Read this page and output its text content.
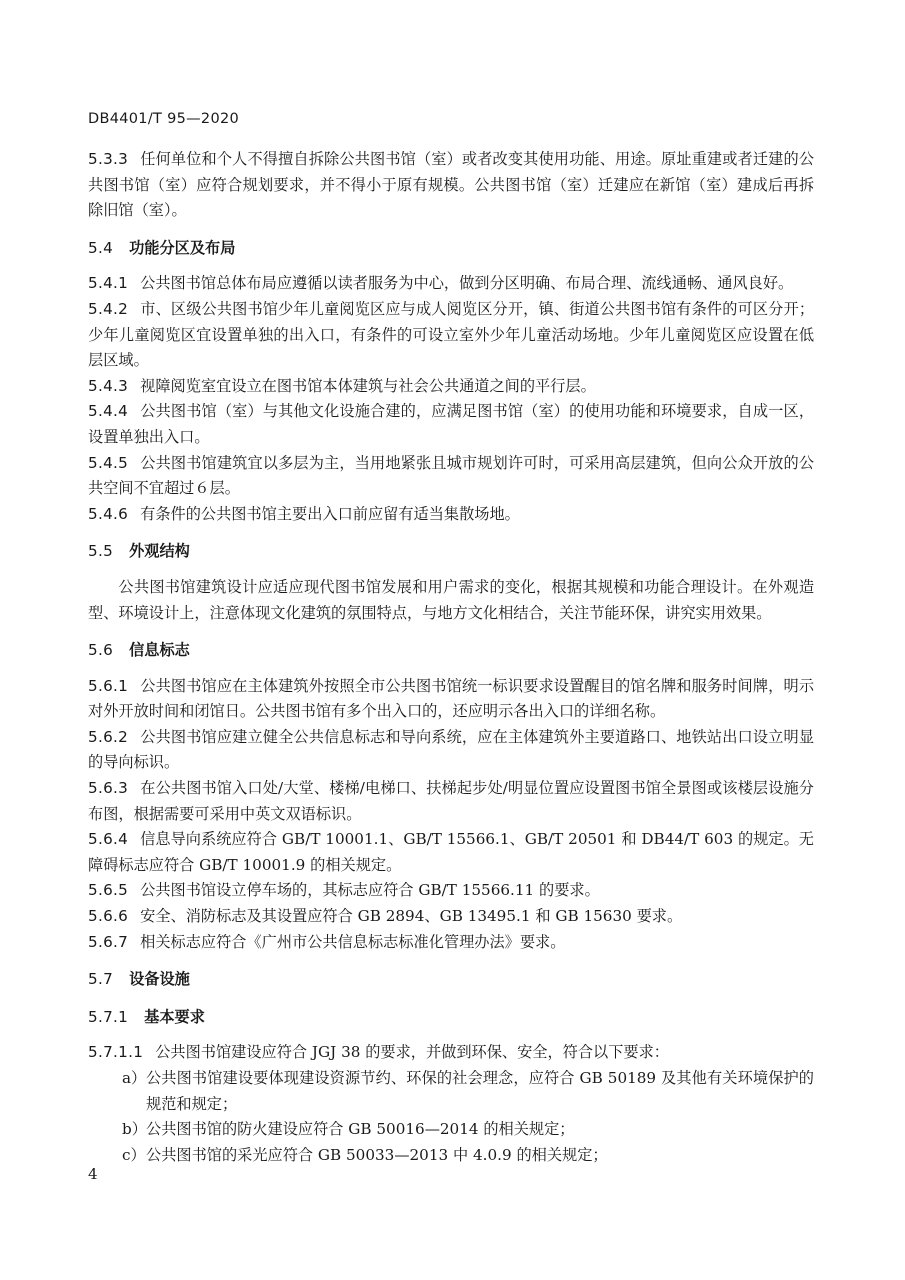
DB4401/T 95—2020

5.3.3 任何单位和个人不得擅自拆除公共图书馆（室）或者改变其使用功能、用途。原址重建或者迁建的公共图书馆（室）应符合规划要求，并不得小于原有规模。公共图书馆（室）迁建应在新馆（室）建成后再拆除旧馆（室）。

5.4 功能分区及布局

5.4.1 公共图书馆总体布局应遵循以读者服务为中心，做到分区明确、布局合理、流线通畅、通风良好。

5.4.2 市、区级公共图书馆少年儿童阅览区应与成人阅览区分开，镇、街道公共图书馆有条件的可区分开；少年儿童阅览区宜设置单独的出入口，有条件的可设立室外少年儿童活动场地。少年儿童阅览区应设置在低层区域。

5.4.3 视障阅览室宜设立在图书馆本体建筑与社会公共通道之间的平行层。

5.4.4 公共图书馆（室）与其他文化设施合建的，应满足图书馆（室）的使用功能和环境要求，自成一区，设置单独出入口。

5.4.5 公共图书馆建筑宜以多层为主，当用地紧张且城市规划许可时，可采用高层建筑，但向公众开放的公共空间不宜超过６层。

5.4.6 有条件的公共图书馆主要出入口前应留有适当集散场地。

5.5 外观结构

公共图书馆建筑设计应适应现代图书馆发展和用户需求的变化，根据其规模和功能合理设计。在外观造型、环境设计上，注意体现文化建筑的氛围特点，与地方文化相结合，关注节能环保，讲究实用效果。

5.6 信息标志

5.6.1 公共图书馆应在主体建筑外按照全市公共图书馆统一标识要求设置醒目的馆名牌和服务时间牌，明示对外开放时间和闭馆日。公共图书馆有多个出入口的，还应明示各出入口的详细名称。

5.6.2 公共图书馆应建立健全公共信息标志和导向系统，应在主体建筑外主要道路口、地铁站出口设立明显的导向标识。

5.6.3 在公共图书馆入口处/大堂、楼梯/电梯口、扶梯起步处/明显位置应设置图书馆全景图或该楼层设施分布图，根据需要可采用中英文双语标识。

5.6.4 信息导向系统应符合 GB/T 10001.1、GB/T 15566.1、GB/T 20501 和 DB44/T 603 的规定。无障碍标志应符合 GB/T 10001.9 的相关规定。

5.6.5 公共图书馆设立停车场的，其标志应符合 GB/T 15566.11 的要求。

5.6.6 安全、消防标志及其设置应符合 GB 2894、GB 13495.1 和 GB 15630 要求。

5.6.7 相关标志应符合《广州市公共信息标志标准化管理办法》要求。

5.7 设备设施
5.7.1 基本要求

5.7.1.1 公共图书馆建设应符合 JGJ 38 的要求，并做到环保、安全，符合以下要求：

a） 公共图书馆建设要体现建设资源节约、环保的社会理念，应符合 GB 50189 及其他有关环境保护的规范和规定；
b） 公共图书馆的防火建设应符合 GB 50016—2014 的相关规定；
c） 公共图书馆的采光应符合 GB 50033—2013 中 4.0.9 的相关规定；
4
